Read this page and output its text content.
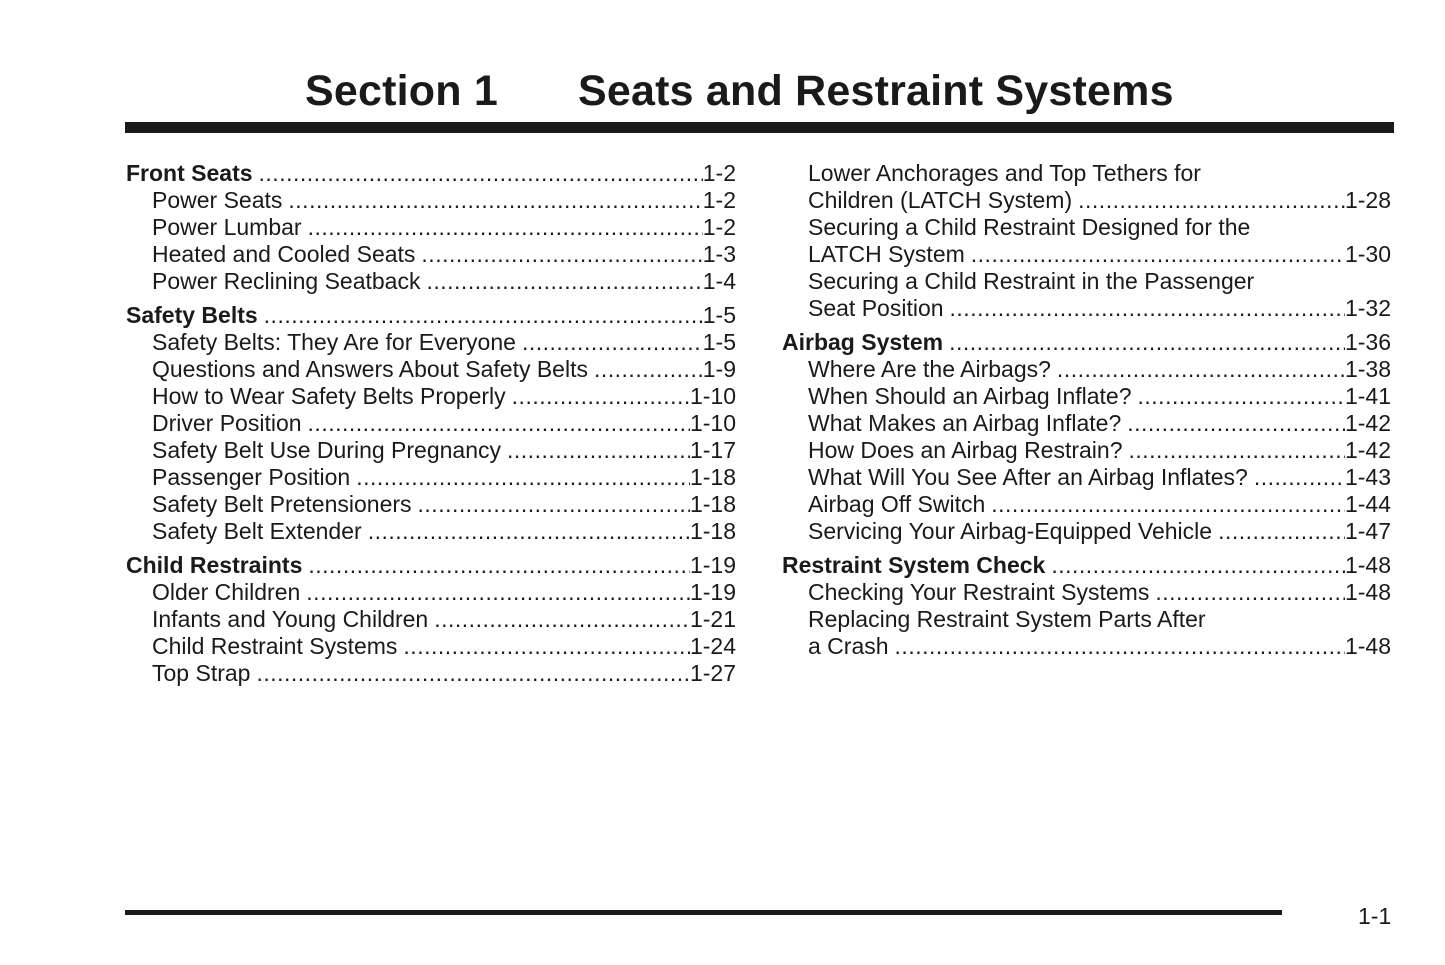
Section 1 Seats and Restraint Systems
Front Seats .....	1-2
Power Seats .....	1-2
Power Lumbar .....	1-2
Heated and Cooled Seats .....	1-3
Power Reclining Seatback .....	1-4
Safety Belts .....	1-5
Safety Belts: They Are for Everyone .....	1-5
Questions and Answers About Safety Belts .....	1-9
How to Wear Safety Belts Properly .....	1-10
Driver Position .....	1-10
Safety Belt Use During Pregnancy .....	1-17
Passenger Position .....	1-18
Safety Belt Pretensioners .....	1-18
Safety Belt Extender .....	1-18
Child Restraints .....	1-19
Older Children .....	1-19
Infants and Young Children .....	1-21
Child Restraint Systems .....	1-24
Top Strap .....	1-27
Lower Anchorages and Top Tethers for
Children (LATCH System) .....	1-28
Securing a Child Restraint Designed for the
LATCH System .....	1-30
Securing a Child Restraint in the Passenger
Seat Position .....	1-32
Airbag System .....	1-36
Where Are the Airbags? .....	1-38
When Should an Airbag Inflate? .....	1-41
What Makes an Airbag Inflate? .....	1-42
How Does an Airbag Restrain? .....	1-42
What Will You See After an Airbag Inflates? .....	1-43
Airbag Off Switch .....	1-44
Servicing Your Airbag-Equipped Vehicle .....	1-47
Restraint System Check .....	1-48
Checking Your Restraint Systems .....	1-48
Replacing Restraint System Parts After
a Crash .....	1-48
1-1
